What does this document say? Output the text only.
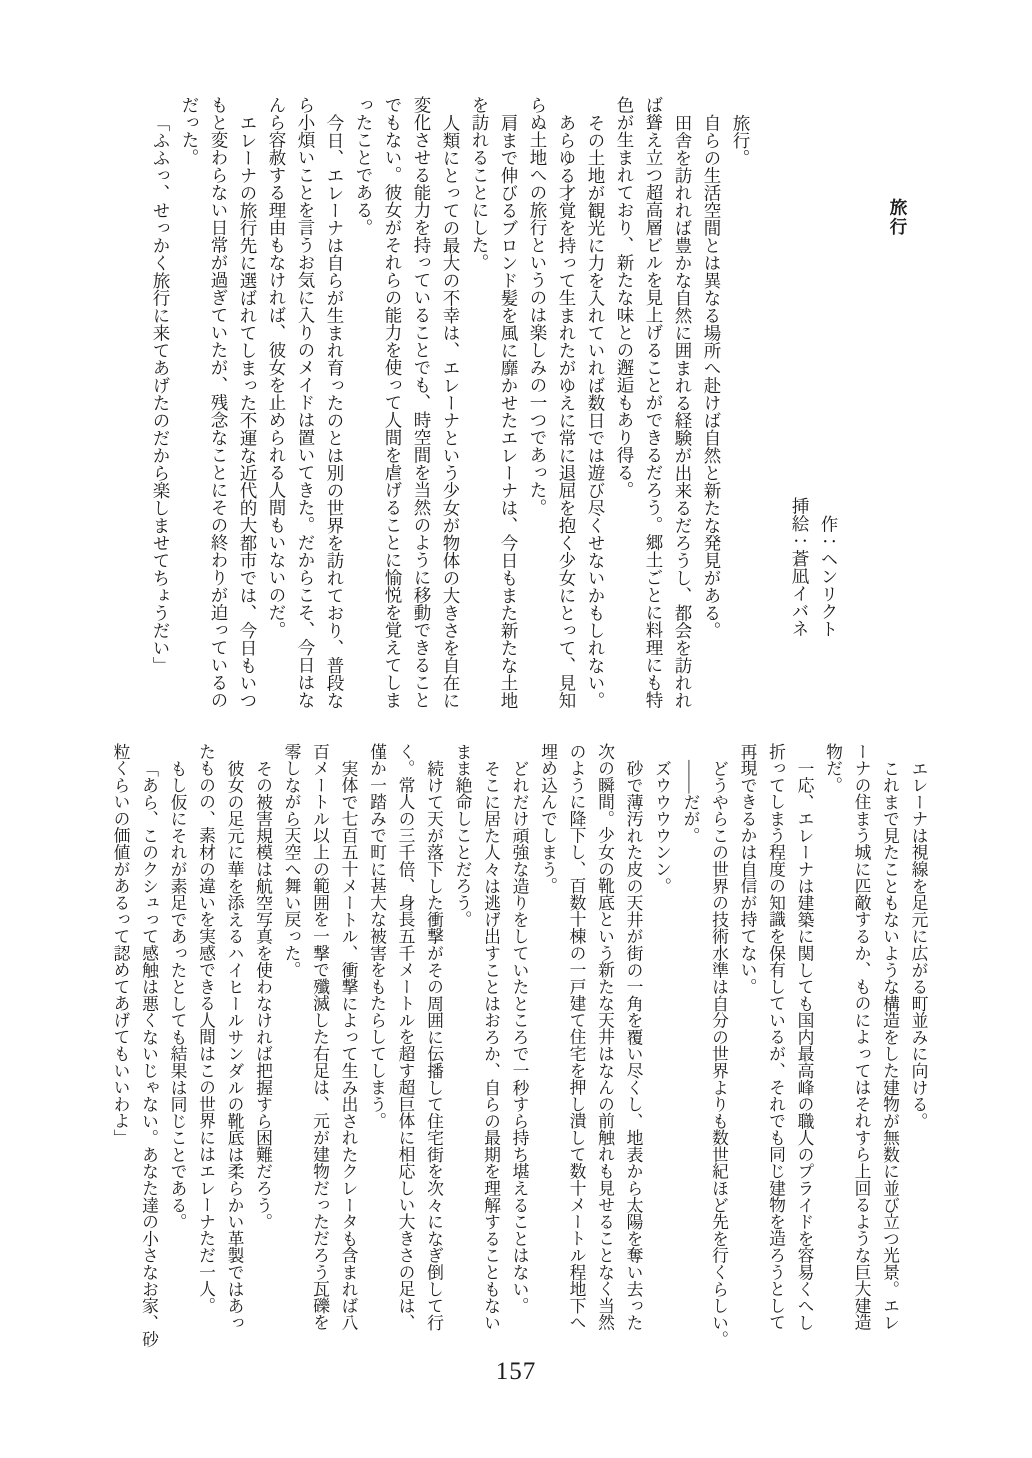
旅行
作：ヘンリクト
挿絵：蒼凪イバネ
旅行。
自らの生活空間とは異なる場所へ赴けば自然と新たな発見がある。
田舎を訪れれば豊かな自然に囲まれる経験が出来るだろうし、都会を訪れれ
ば聳え立つ超高層ビルを見上げることができるだろう。郷土ごとに料理にも特
色が生まれており、新たな味との邂逅もあり得る。
その土地が観光に力を入れていれば数日では遊び尽くせないかもしれない。
あらゆる才覚を持って生まれたがゆえに常に退屈を抱く少女にとって、見知
らぬ土地への旅行というのは楽しみの一つであった。
肩まで伸びるブロンド髪を風に靡かせたエレーナは、今日もまた新たな土地
を訪れることにした。
人類にとっての最大の不幸は、エレーナという少女が物体の大きさを自在に
変化させる能力を持っていることでも、時空間を当然のように移動できること
でもない。彼女がそれらの能力を使って人間を虐げることに愉悦を覚えてしま
ったことである。
今日、エレーナは自らが生まれ育ったのとは別の世界を訪れており、普段な
ら小煩いことを言うお気に入りのメイドは置いてきた。だからこそ、今日はな
んら容赦する理由もなければ、彼女を止められる人間もいないのだ。
エレーナの旅行先に選ばれてしまった不運な近代的大都市では、今日もいつ
もと変わらない日常が過ぎていたが、残念なことにその終わりが迫っているの
だった。
「ふふっ、せっかく旅行に来てあげたのだから楽しませてちょうだい」
エレーナは視線を足元に広がる町並みに向ける。
これまで見たこともないような構造をした建物が無数に並び立つ光景。エレ
ーナの住まう城に匹敵するか、ものによってはそれすら上回るような巨大建造
物だ。
一応、エレーナは建築に関しても国内最高峰の職人のプライドを容易くへし
折ってしまう程度の知識を保有しているが、それでも同じ建物を造ろうとして
再現できるかは自信が持てない。
どうやらこの世界の技術水準は自分の世界よりも数世紀ほど先を行くらしい。
――だが。
ズウウウウンン。
砂で薄汚れた皮の天井が街の一角を覆い尽くし、地表から太陽を奪い去った
次の瞬間。少女の靴底という新たな天井はなんの前触れも見せることなく当然
のように降下し、百数十棟の一戸建て住宅を押し潰して数十メートル程地下へ
埋め込んでしまう。
どれだけ頑強な造りをしていたところで一秒すら持ち堪えることはない。
そこに居た人々は逃げ出すことはおろか、自らの最期を理解することもない
まま絶命しことだろう。
続けて天が落下した衝撃がその周囲に伝播して住宅街を次々になぎ倒して行
く。常人の三千倍、身長五千メートルを超す超巨体に相応しい大きさの足は、
僅か一踏みで町に甚大な被害をもたらしてしまう。
実体で七百五十メートル、衝撃によって生み出されたクレータも含まれば八
百メートル以上の範囲を一撃で殲滅した右足は、元が建物だっただろう瓦礫を
零しながら天空へ舞い戻った。
その被害規模は航空写真を使わなければ把握すら困難だろう。
彼女の足元に華を添えるハイヒールサンダルの靴底は柔らかい革製ではあっ
たものの、素材の違いを実感できる人間はこの世界にはエレーナただ一人。
もし仮にそれが素足であったとしても結果は同じことである。
「あら、このクシュって感触は悪くないじゃない。あなた達の小さなお家、砂
粒くらいの価値があるって認めてあげてもいいわよ」
157
